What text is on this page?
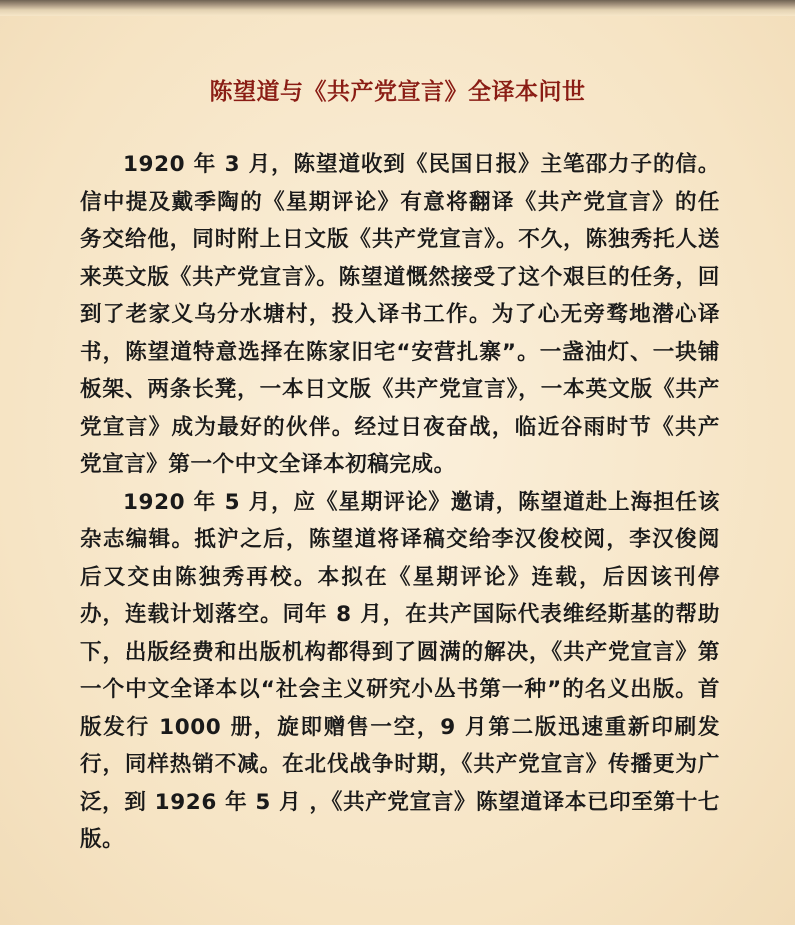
陈望道与《共产党宣言》全译本问世

1920 年 3 月，陈望道收到《民国日报》主笔邵力子的信。信中提及戴季陶的《星期评论》有意将翻译《共产党宣言》的任务交给他，同时附上日文版《共产党宣言》。不久，陈独秀托人送来英文版《共产党宣言》。陈望道慨然接受了这个艰巨的任务，回到了老家义乌分水塘村，投入译书工作。为了心无旁骛地潜心译书，陈望道特意选择在陈家旧宅“安营扎寨”。一盏油灯、一块铺板架、两条长凳，一本日文版《共产党宣言》，一本英文版《共产党宣言》成为最好的伙伴。经过日夜奋战，临近谷雨时节《共产党宣言》第一个中文全译本初稿完成。

1920 年 5 月，应《星期评论》邀请，陈望道赴上海担任该杂志编辑。抵沪之后，陈望道将译稿交给李汉俊校阅，李汉俊阅后又交由陈独秀再校。本拟在《星期评论》连载，后因该刊停办，连载计划落空。同年 8 月，在共产国际代表维经斯基的帮助下，出版经费和出版机构都得到了圆满的解决，《共产党宣言》第一个中文全译本以“社会主义研究小丛书第一种”的名义出版。首版发行 1000 册，旋即赠售一空，9 月第二版迅速重新印刷发行，同样热销不减。在北伐战争时期，《共产党宣言》传播更为广泛，到 1926 年 5 月 ，《共产党宣言》陈望道译本已印至第十七版。
